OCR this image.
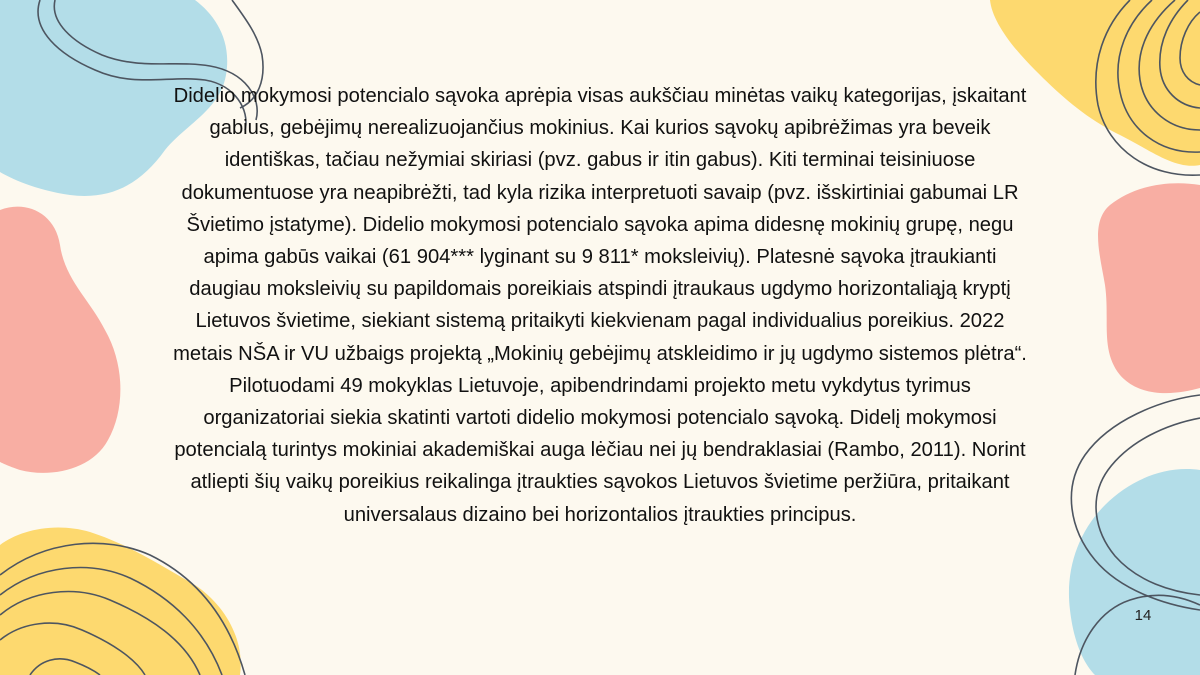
Didelio mokymosi potencialo sąvoka aprėpia visas aukščiau minėtas vaikų kategorijas, įskaitant gabius, gebėjimų nerealizuojančius mokinius. Kai kurios sąvokų apibrėžimas yra beveik identiškas, tačiau nežymiai skiriasi (pvz. gabus ir itin gabus). Kiti terminai teisiniuose dokumentuose yra neapibrėžti, tad kyla rizika interpretuoti savaip (pvz. išskirtiniai gabumai LR Švietimo įstatyme). Didelio mokymosi potencialo sąvoka apima didesnę mokinių grupę, negu apima gabūs vaikai (61 904*** lyginant su 9 811* moksleivių). Platesnė sąvoka įtraukianti daugiau moksleivių su papildomais poreikiais atspindi įtraukaus ugdymo horizontaliąją kryptį Lietuvos švietime, siekiant sistemą pritaikyti kiekvienam pagal individualius poreikius. 2022 metais NŠA ir VU užbaigs projektą „Mokinių gebėjimų atskleidimo ir jų ugdymo sistemos plėtra“. Pilotuodami 49 mokyklas Lietuvoje, apibendrindami projekto metu vykdytus tyrimus organizatoriai siekia skatinti vartoti didelio mokymosi potencialo sąvoką. Didelį mokymosi potencialą turintys mokiniai akademiškai auga lėčiau nei jų bendraklasiai (Rambo, 2011). Norint atliepti šių vaikų poreikius reikalinga įtraukties sąvokos Lietuvos švietime peržiūra, pritaikant universalaus dizaino bei horizontalios įtraukties principus.

14
